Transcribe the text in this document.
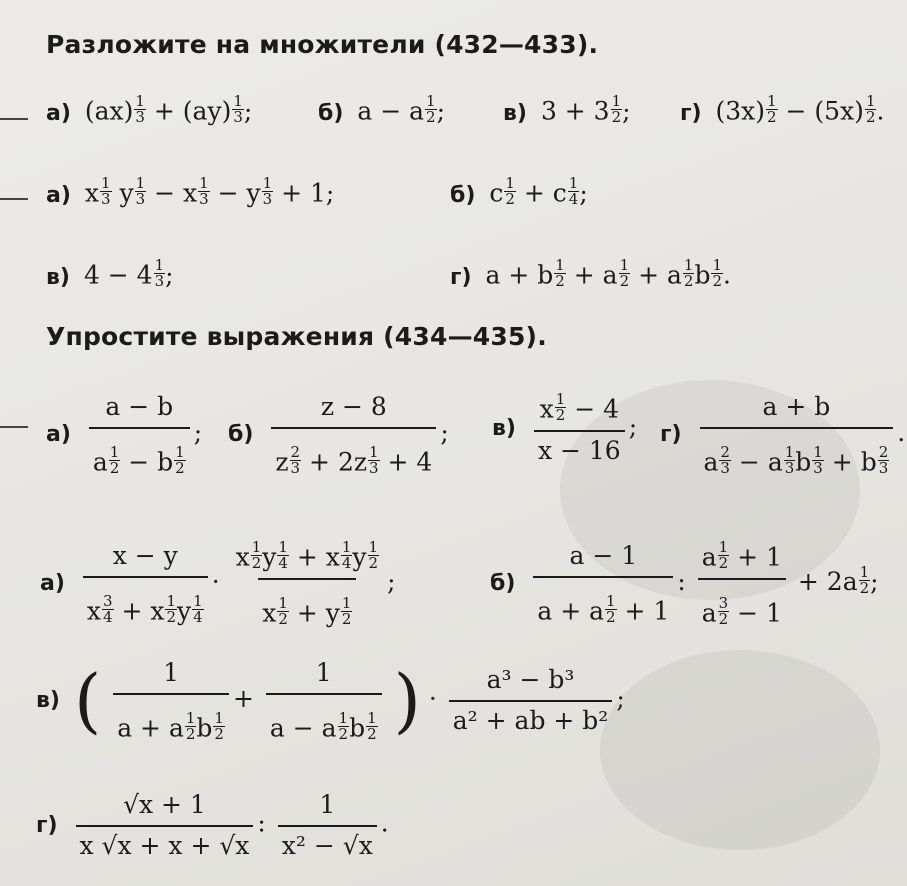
Разложите на множители (432—433).
а) $(ax) \frac{1}{3} + (ay) \frac{1}{3}$ ;	б) a − a $\frac{1}{2}$ ;	в) $3 + 3 \frac{1}{2}$ ; г) $(3x) \frac{1}{2} - (5x) \frac{1}{2}$ .
а) x $\frac{1}{3}$ y $\frac{1}{3} - x \frac{1}{3} - y \frac{1}{3} + 1$;	б) c $\frac{1}{2} + c \frac{1}{4}$ ;
в) $4 - 4 \frac{1}{3}$ ;	г) a + b $\frac{1}{2} + a \frac{1}{2} + a \frac{1}{2}$ b $\frac{1}{2}$ .
Упростите выражения (434—435).
$а) \frac{a - b}{a \frac{1}{2} - b \frac{1}{2}}$ ; $б) \frac{z - 8}{z \frac{2}{3} + 2z \frac{1}{3} + 4}$ ; $в) \frac{x \frac{1}{2} - 4}{x - 16}$ ; $г) \frac{a + b}{a \frac{2}{3} - a \frac{1}{3} b \frac{1}{3} + b \frac{2}{3}}$ .
$а) \frac{x - y}{x \frac{3}{4} + x \frac{1}{2} y \frac{1}{4}} \cdot \frac{x \frac{1}{2} y \frac{1}{4} + x \frac{1}{4} y \frac{1}{2}}{x \frac{1}{2} + y \frac{1}{2}}$ ;	$б) \frac{a - 1}{a + a \frac{1}{2} + 1}$ : $\frac{a \frac{1}{2} + 1}{a \frac{3}{2} - 1} + 2a \frac{1}{2}$ ;
в) ( $\frac{1}{a + a \frac{1}{2} b \frac{1}{2}} + \frac{1}{a - a \frac{1}{2} b \frac{1}{2}}$ ) · $\frac{\text{a³ − b³}}{\text{a² + ab + b²}}$ ;
$г) \frac{√x + 1}{x √x + x + √x}$ : $\frac{1}{\text{x² − √x}}$ .
